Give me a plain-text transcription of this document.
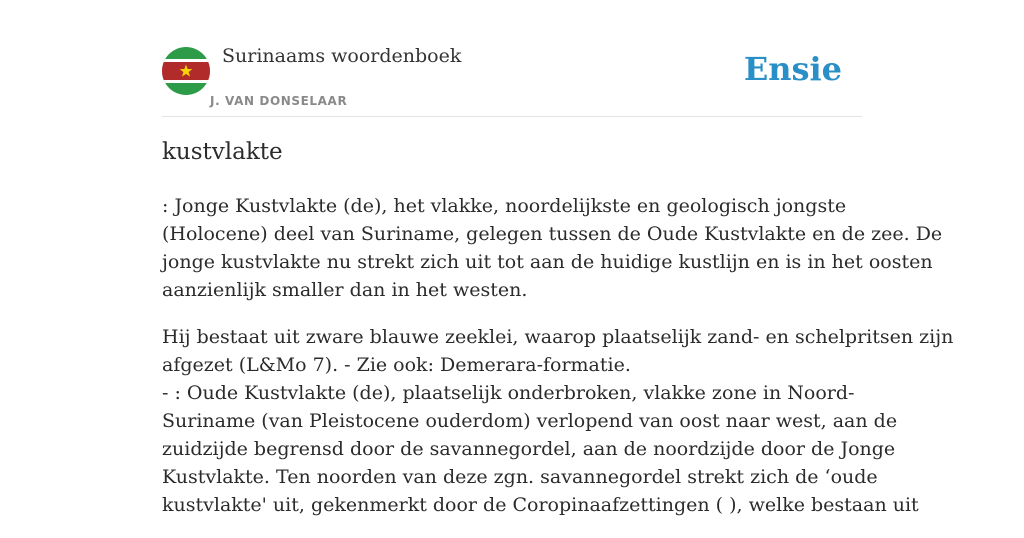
Surinaams woordenboek
J. VAN DONSELAAR
Ensie
kustvlakte

: Jonge Kustvlakte (de), het vlakke, noordelijkste en geologisch jongste
(Holocene) deel van Suriname, gelegen tussen de Oude Kustvlakte en de zee. De
jonge kustvlakte nu strekt zich uit tot aan de huidige kustlijn en is in het oosten
aanzienlijk smaller dan in het westen.

Hij bestaat uit zware blauwe zeeklei, waarop plaatselijk zand- en schelpritsen zijn
afgezet (L&Mo 7). - Zie ook: Demerara-formatie.
- : Oude Kustvlakte (de), plaatselijk onderbroken, vlakke zone in Noord-
Suriname (van Pleistocene ouderdom) verlopend van oost naar west, aan de
zuidzijde begrensd door de savannegordel, aan de noordzijde door de Jonge
Kustvlakte. Ten noorden van deze zgn. savannegordel strekt zich de ‘oude
kustvlakte' uit, gekenmerkt door de Coropinaafzettingen ( ), welke bestaan uit
